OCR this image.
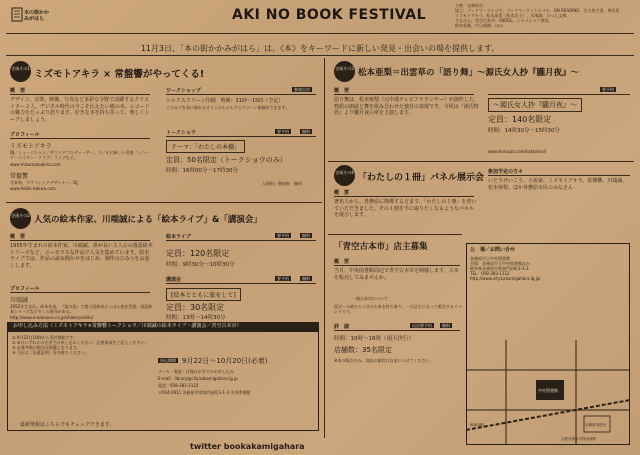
本の街かかみがはら	AKI NO BOOK FESTIVAL
主催：各務原市
協力：ブックマークナゴヤ、ブックマーケットナゴヤ、ON READING、名古屋古書、増田屋
ミズモトアキラ、松本亜梨（松本店主）、川端誠、ひつじ文庫、
さなみち、青空古本市、AKOOL、シャリシャリ書房、
岐阜新聞、中日新聞、ほか
11月3日、「本の街かかみがはら」は、《本》をキーワードに新しい発見・出会いの場を提供します。
企画その1
ミズモトアキラ × 常盤響がやってくる!
概　要
デザイン、音楽、映像、写真など多彩な分野で活躍するクリエイター２人。デジタル時代の今こそ伝えたい紙の本、レコードの魅力をたっぷり語ります。好きな本を持ち寄って、楽しくトークしましょう。
プロフィール
ミズモトアキラ
DJ／ミュージシャン／サウンドプロデューサー。ラジオに新しい音楽「レコード・ハイヤー・クラブ」ライブなど。
www.mizumotoakira.com
常盤響
写真家、グラフィックデザイナー。DJ。
www.hibiki-tokiwa.com
ワークショップ	参加自由
シルクスクリーン印刷　時間：11時～15時（予定）
このロゴを布に刷れるオリジナルシルクスクリーン体験ができます。
トークショウ	要予約	無料
テーマ：「わたしの本棚」
定員：50名限定（トークショウのみ）
時間：16時00分～17時30分
入場料／参加料　無料
企画その2 人気の絵本作家、川端誠による「絵本ライブ」&「講演会」
概　要
1955年生まれの絵本作家、川端誠。鼻が長い主人公の落語絵本シリーズなど、ユーモラスな作品で人気を集めています。絵本ライブでは、作品の読み聞かせをはじめ、制作のひみつをお話しします。
プロフィール
川端誠
1952年生まれ。絵本作家。『鳥の島』で第５回絵本にっぽん賞を受賞。落語絵本シリーズなど多くの著作がある。
http://www.e-advance.co.jp/shakeyoshiki/
絵本ライブ	要予約	無料
定員：120名限定
時間：9時30分～10時30分
講演会	要予約	無料
[絵本とともに旅をして]
定員：30名限定
時間：13時～14時30分
お申し込み方法（ミズモトアキラ×常盤響トークショウ／川端誠の絵本ライブ・講演会／青空古本市）
① 9月22日10時から受付開始です。
② ①のいずれかの方法でお申し込みください。必要事項をご記入ください。
③ 応募多数の場合は抽選となります。
④ 当日は「応募証明」をお持ちください。
申込期間 9月22日～10月20日(必着)
メール・電話・往復はがきでのお申し込み
E-mail：library@city.kakamigahara.lg.jp
電話：058-383-1122
〒504-0911 各務原市那加門前町3-1-3 中央図書館
最新情報はこちらでもチェックできます。
twitter bookakamigahara
企画その3 松本亜梨＝出雲草の「語り舞」～源氏女人抄『朧月夜』～
概　要
語り舞は、松本亜梨（元中部テレビアナウンサー）が創作した、物語の朗読と舞を組み合わせた独自の表現です。今回は『源氏物語』より朧月夜の章を上演します。
要予約
～源氏女人抄『朧月夜』～
定員：140名限定
時間：14時30分～15時30分
www.harouzo.com/katarimai/
企画その4
「わたしの１冊」パネル展示会
概　要
著名人から、各務原に関係する方まで、「わたしの１冊」を書いていただきました。その１冊を手に取りたくなるようなパネルを展示します。
参加予定の方々
いとうせいこう、小説家、ミズモトアキラ、常盤響、川端誠、松本亜梨、ほか各務原市民のみなさん
「青空古本市」店主募集
概　要
当日、中央図書館周辺で青空古本市を開催します。古本を販売してみませんか。
一箱古本市について
段ボール箱ひとつ分の古本を持ち寄り、一日店主になって販売するイベントです。
詳　細	出店要予約	無料
時間：10時～16時（雨天決行）
店舗数：35名限定
※本の販売のみ。商品の値段は自由につけてください。
公　場／お問い合せ
各務原市立中央図書館
会場：各務原市立中央図書館ほか
岐阜県各務原市那加門前町3-1-3
TEL：058-383-1122
http://www.city.kakamigahara.lg.jp/
中央図書館
各務原市役所
JR那加駅
名鉄各務原市役所前駅
